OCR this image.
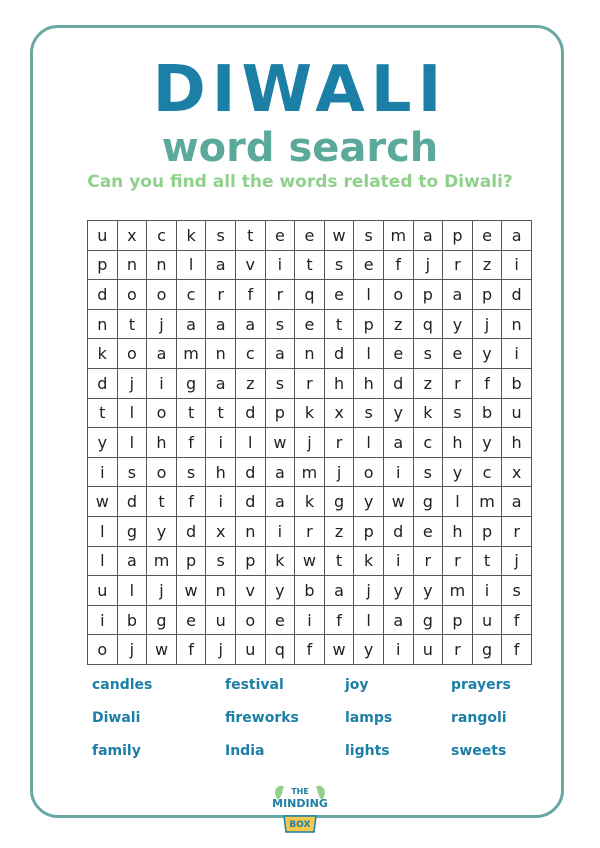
DIWALI
word search
Can you find all the words related to Diwali?
u	x	c	k	s	t	e	e	w	s	m	a	p	e	a
p	n	n	l	a	v	i	t	s	e	f	j	r	z	i
d	o	o	c	r	f	r	q	e	l	o	p	a	p	d
n	t	j	a	a	a	s	e	t	p	z	q	y	j	n
k	o	a	m	n	c	a	n	d	l	e	s	e	y	i
d	j	i	g	a	z	s	r	h	h	d	z	r	f	b
t	l	o	t	t	d	p	k	x	s	y	k	s	b	u
y	l	h	f	i	l	w	j	r	l	a	c	h	y	h
i	s	o	s	h	d	a	m	j	o	i	s	y	c	x
w	d	t	f	i	d	a	k	g	y	w	g	l	m	a
l	g	y	d	x	n	i	r	z	p	d	e	h	p	r
l	a	m	p	s	p	k	w	t	k	i	r	r	t	j
u	l	j	w	n	v	y	b	a	j	y	y	m	i	s
i	b	g	e	u	o	e	i	f	l	a	g	p	u	f
o	j	w	f	j	u	q	f	w	y	i	u	r	g	f
candles	festival	joy	prayers
Diwali	fireworks	lamps	rangoli
family	India	lights	sweets
THE
MINDING
BOX
